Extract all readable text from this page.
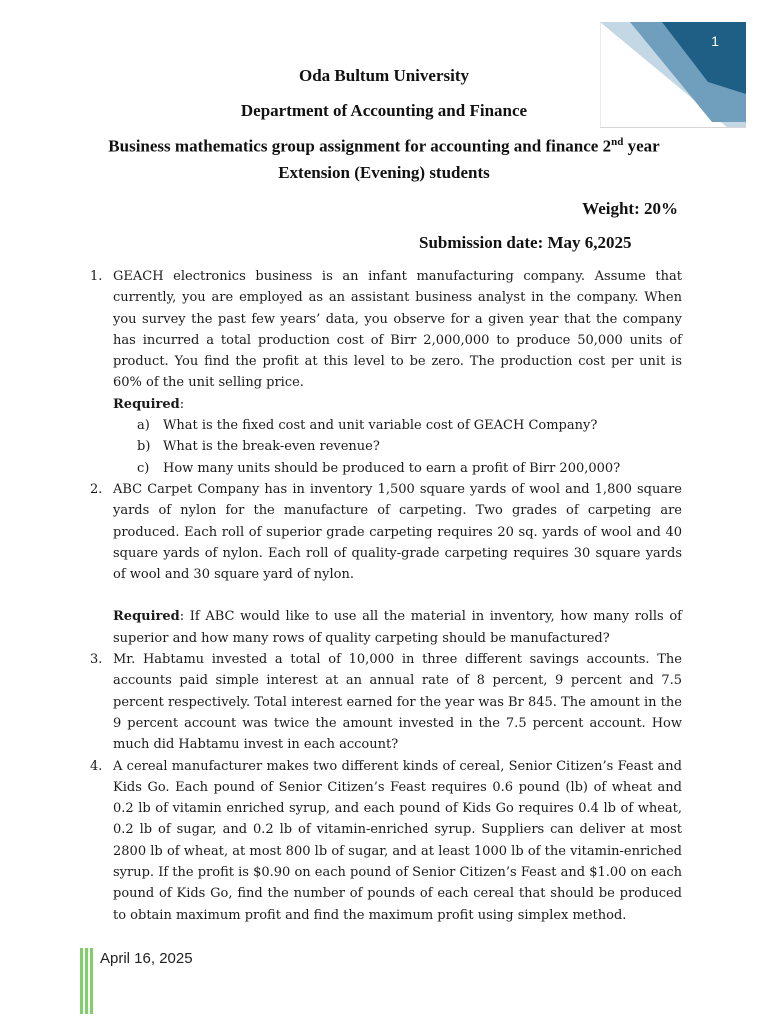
1
Oda Bultum University
Department of Accounting and Finance
Business mathematics group assignment for accounting and finance 2nd year
Extension (Evening) students
Weight: 20%
Submission date: May 6,2025
1. GEACH electronics business is an infant manufacturing company. Assume that currently, you are employed as an assistant business analyst in the company. When you survey the past few years’ data, you observe for a given year that the company has incurred a total production cost of Birr 2,000,000 to produce 50,000 units of product. You find the profit at this level to be zero. The production cost per unit is 60% of the unit selling price.
Required:
a) What is the fixed cost and unit variable cost of GEACH Company?
b) What is the break-even revenue?
c) How many units should be produced to earn a profit of Birr 200,000?
2. ABC Carpet Company has in inventory 1,500 square yards of wool and 1,800 square yards of nylon for the manufacture of carpeting. Two grades of carpeting are produced. Each roll of superior grade carpeting requires 20 sq. yards of wool and 40 square yards of nylon. Each roll of quality-grade carpeting requires 30 square yards of wool and 30 square yard of nylon.
Required: If ABC would like to use all the material in inventory, how many rolls of superior and how many rows of quality carpeting should be manufactured?
3. Mr. Habtamu invested a total of 10,000 in three different savings accounts. The accounts paid simple interest at an annual rate of 8 percent, 9 percent and 7.5 percent respectively. Total interest earned for the year was Br 845. The amount in the 9 percent account was twice the amount invested in the 7.5 percent account. How much did Habtamu invest in each account?
4. A cereal manufacturer makes two different kinds of cereal, Senior Citizen’s Feast and Kids Go. Each pound of Senior Citizen’s Feast requires 0.6 pound (lb) of wheat and 0.2 lb of vitamin enriched syrup, and each pound of Kids Go requires 0.4 lb of wheat, 0.2 lb of sugar, and 0.2 lb of vitamin-enriched syrup. Suppliers can deliver at most 2800 lb of wheat, at most 800 lb of sugar, and at least 1000 lb of the vitamin-enriched syrup. If the profit is $0.90 on each pound of Senior Citizen’s Feast and $1.00 on each pound of Kids Go, find the number of pounds of each cereal that should be produced to obtain maximum profit and find the maximum profit using simplex method.
April 16, 2025
